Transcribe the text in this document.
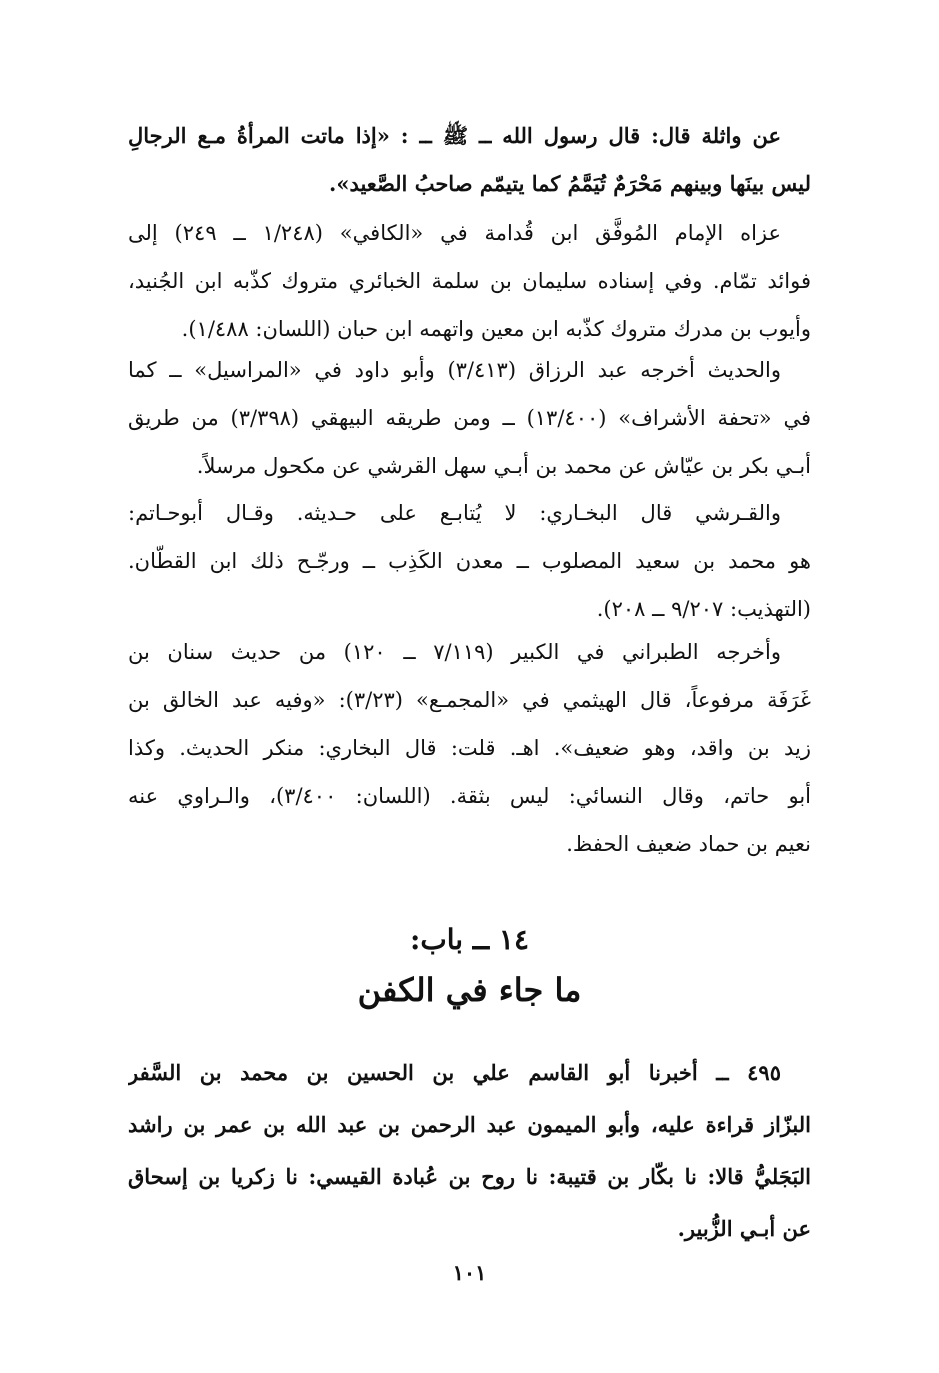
عن واثلة قال: قال رسول الله ــ ﷺ ــ : «إذا ماتت المرأةُ مـع الرجالِ
ليس بينَها وبينهم مَحْرَمٌ تُيَمَّمُ كما يتيمّم صاحبُ الصَّعيد».
عزاه الإمام المُوفَّق ابن قُدامة في «الكافي» (١/٢٤٨ ــ ٢٤٩) إلى
فوائد تمّام. وفي إسناده سليمان بن سلمة الخبائري متروك كذّبه ابن الجُنيد،
وأيوب بن مدرك متروك كذّبه ابن معين واتهمه ابن حبان (اللسان: ١/٤٨٨).
والحديث أخرجه عبد الرزاق (٣/٤١٣) وأبو داود في «المراسيل» ــ كما
في «تحفة الأشراف» (١٣/٤٠٠) ــ ومن طريقه البيهقي (٣/٣٩٨) من طريق
أبـي بكر بن عيّاش عن محمد بن أبـي سهل القرشي عن مكحول مرسلاً.
والقـرشي قال البخـاري: لا يُتابـع على حـديثه. وقـال أبوحـاتم:
هو محمد بن سعيد المصلوب ــ معدن الكَذِب ــ ورجّـح ذلك ابن القطّان.
(التهذيب: ٩/٢٠٧ ــ ٢٠٨).
وأخرجه الطبراني في الكبير (٧/١١٩ ــ ١٢٠) من حديث سنان بن
غَرَفَة مرفوعاً، قال الهيثمي في «المجمـع» (٣/٢٣): «وفيه عبد الخالق بن
زيد بن واقد، وهو ضعيف». اهـ. قلت: قال البخاري: منكر الحديث. وكذا
أبو حاتم، وقال النسائي: ليس بثقة. (اللسان: ٣/٤٠٠)، والـراوي عنه
نعيم بن حماد ضعيف الحفظ.
١٤ ــ باب:
ما جاء في الكفن
٤٩٥ ــ أخبرنا أبو القاسم علي بن الحسين بن محمد بن السَّفر
البزّاز قراءة عليه، وأبو الميمون عبد الرحمن بن عبد الله بن عمر بن راشد
البَجَليُّ قالا: نا بكّار بن قتيبة: نا روح بن عُبادة القيسي: نا زكريا بن إسحاق
عن أبـي الزُّبير.
١٠١
